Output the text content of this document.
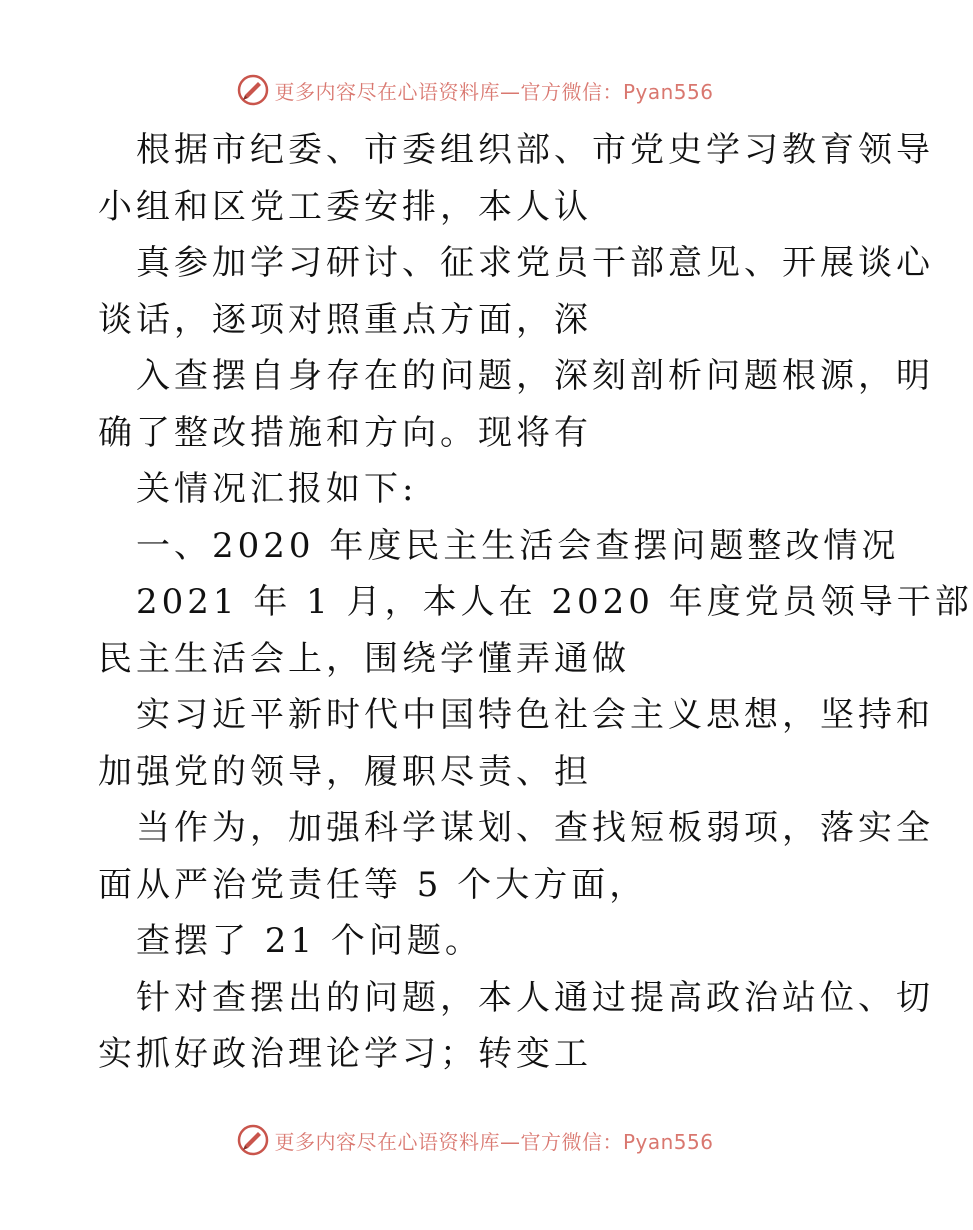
更多内容尽在心语资料库—官方微信：Pyan556
根据市纪委、市委组织部、市党史学习教育领导
小组和区党工委安排，本人认
真参加学习研讨、征求党员干部意见、开展谈心
谈话，逐项对照重点方面，深
入查摆自身存在的问题，深刻剖析问题根源，明
确了整改措施和方向。现将有
关情况汇报如下:
一、2020 年度民主生活会查摆问题整改情况
2021 年 1 月，本人在 2020 年度党员领导干部
民主生活会上，围绕学懂弄通做
实习近平新时代中国特色社会主义思想，坚持和
加强党的领导，履职尽责、担
当作为，加强科学谋划、查找短板弱项，落实全
面从严治党责任等 5 个大方面，
查摆了 21 个问题。
针对查摆出的问题，本人通过提高政治站位、切
实抓好政治理论学习；转变工
更多内容尽在心语资料库—官方微信：Pyan556
